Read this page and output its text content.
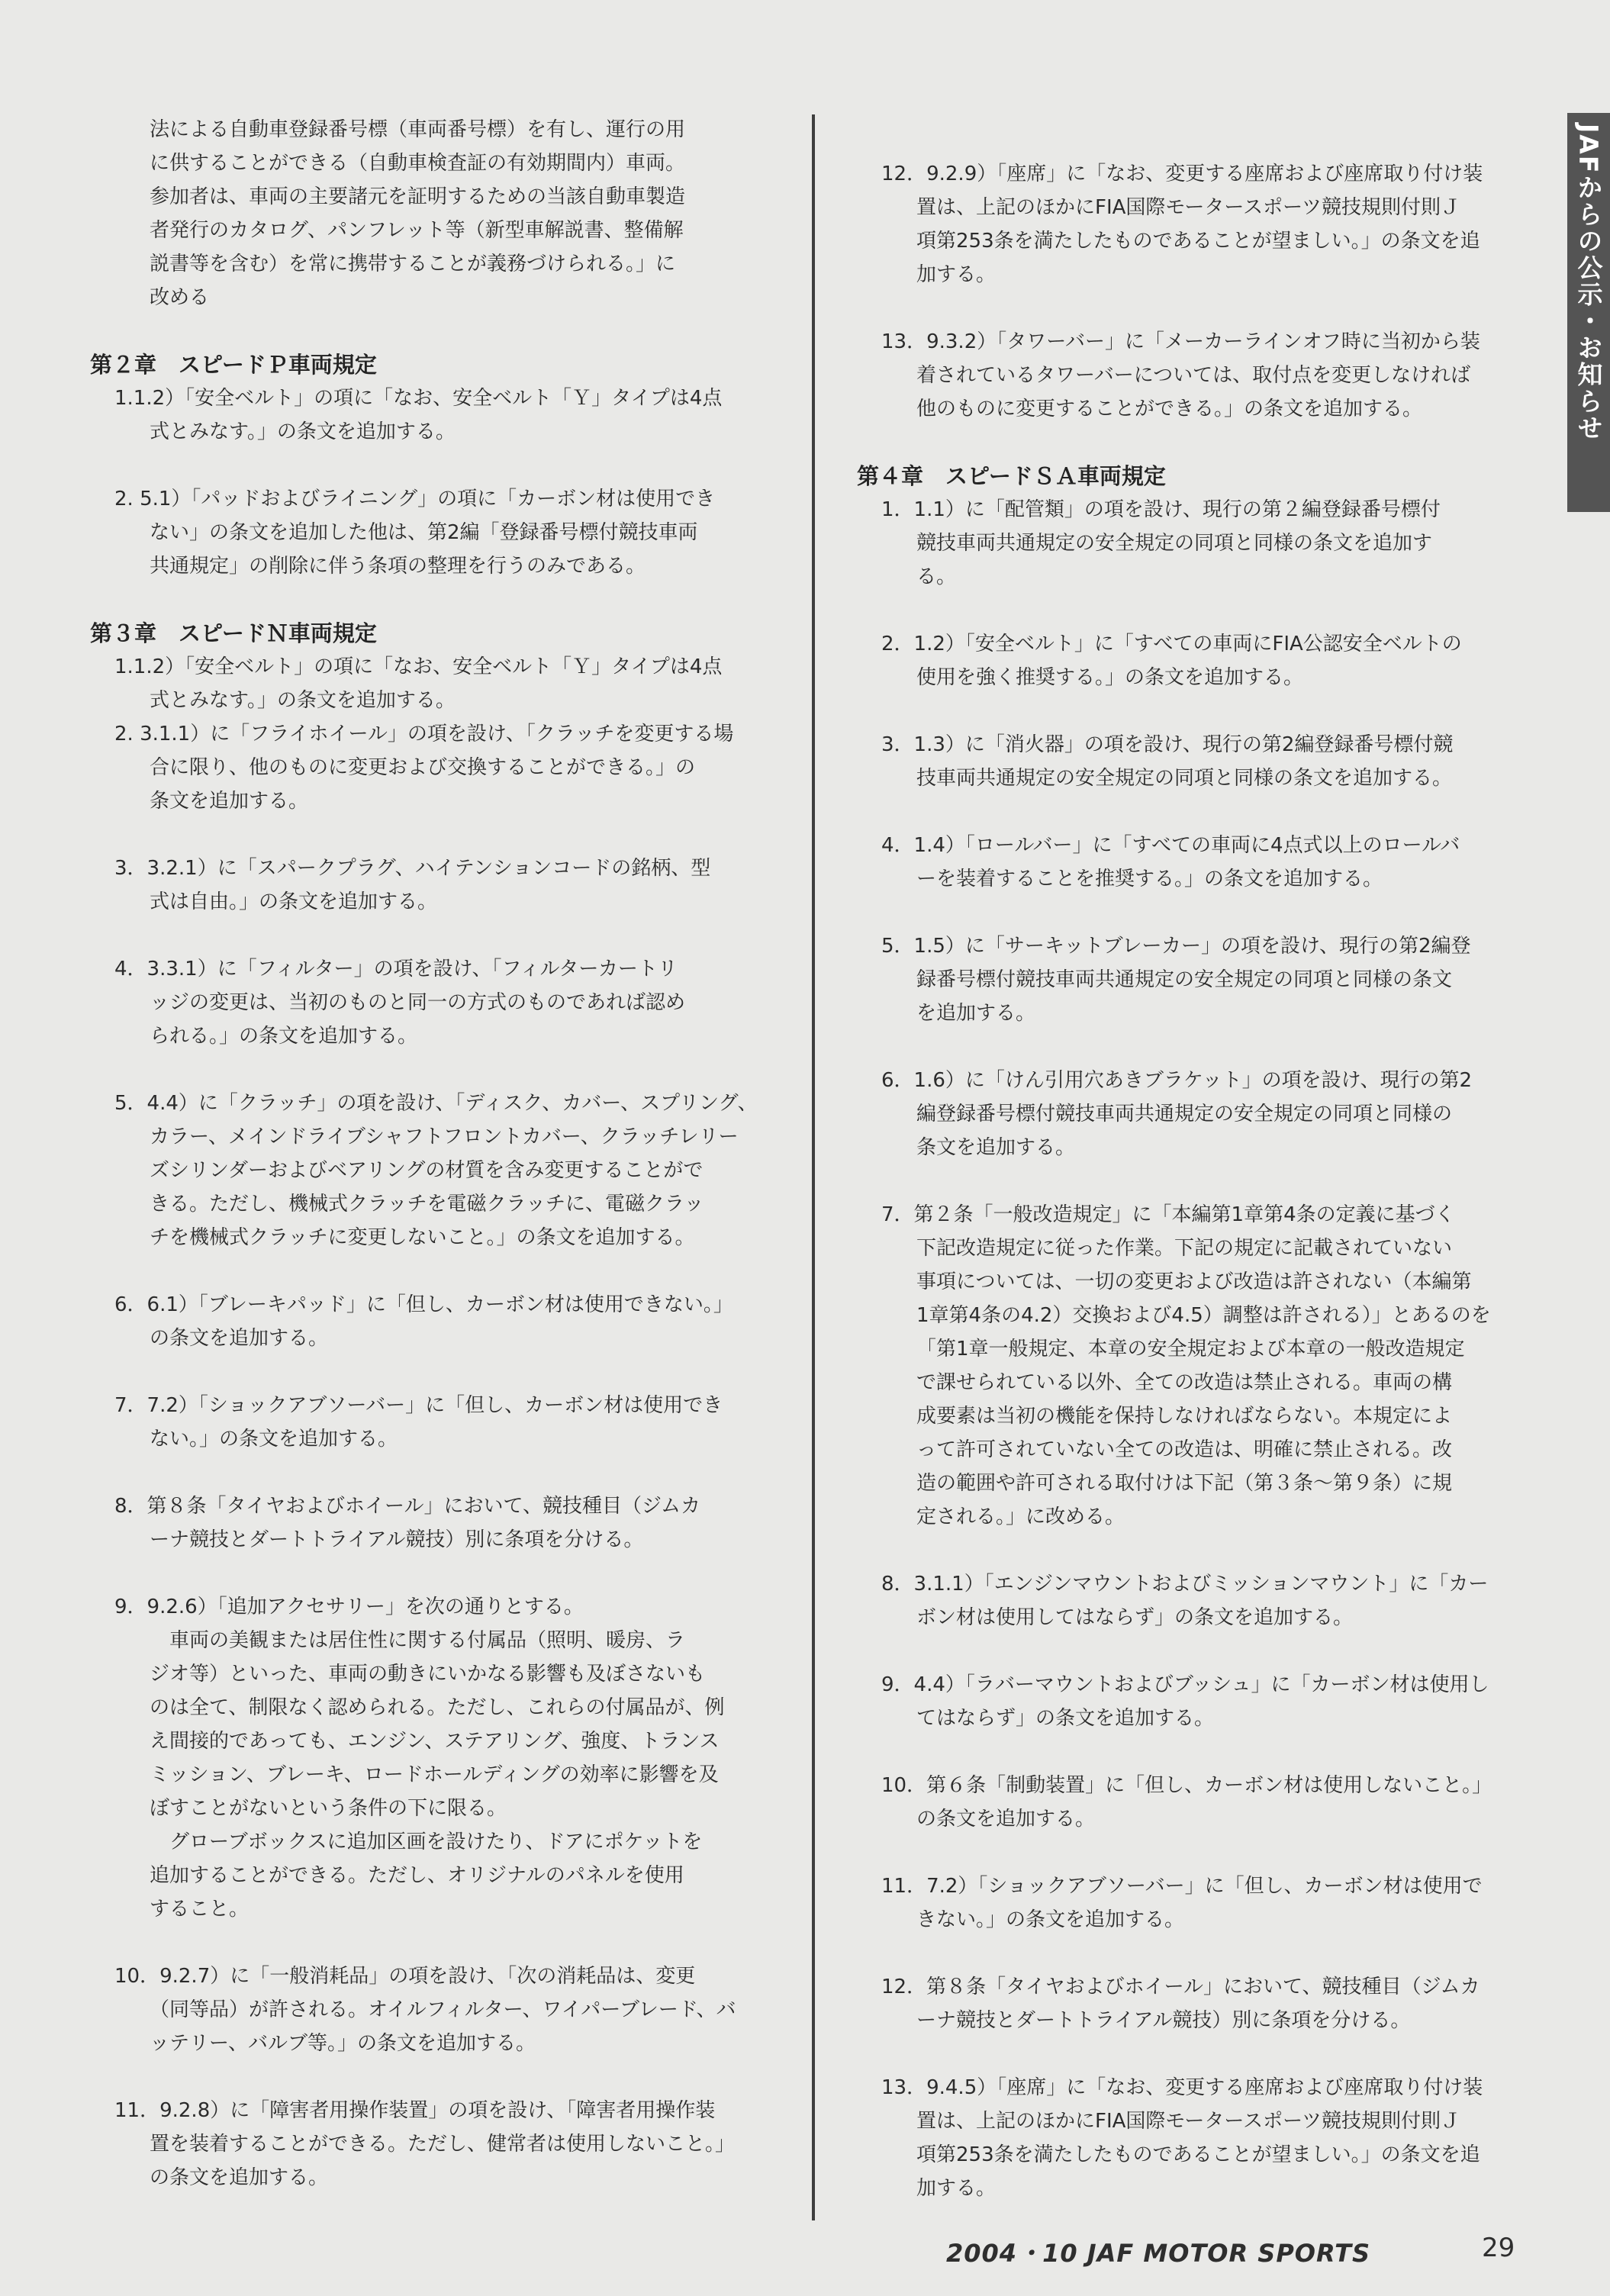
JAFからの公示・お知らせ

法による自動車登録番号標（車両番号標）を有し、運行の用

に供することができる（自動車検査証の有効期間内）車両。

参加者は、車両の主要諸元を証明するための当該自動車製造

者発行のカタログ、パンフレット等（新型車解説書、整備解

説書等を含む）を常に携帯することが義務づけられる。」に

改める

第２章　スピードＰ車両規定

1.1.2）「安全ベルト」の項に「なお、安全ベルト「Ｙ」タイプは4点

式とみなす。」の条文を追加する。

2. 5.1）「パッドおよびライニング」の項に「カーボン材は使用でき

ない」の条文を追加した他は、第2編「登録番号標付競技車両

共通規定」の削除に伴う条項の整理を行うのみである。

第３章　スピードＮ車両規定

1.1.2）「安全ベルト」の項に「なお、安全ベルト「Ｙ」タイプは4点

式とみなす。」の条文を追加する。

2. 3.1.1）に「フライホイール」の項を設け、「クラッチを変更する場

合に限り、他のものに変更および交換することができる。」の

条文を追加する。

3．3.2.1）に「スパークプラグ、ハイテンションコードの銘柄、型

式は自由。」の条文を追加する。

4．3.3.1）に「フィルター」の項を設け、「フィルターカートリ

ッジの変更は、当初のものと同一の方式のものであれば認め

られる。」の条文を追加する。

5．4.4）に「クラッチ」の項を設け、「ディスク、カバー、スプリング、

カラー、メインドライブシャフトフロントカバー、クラッチレリー

ズシリンダーおよびベアリングの材質を含み変更することがで

きる。ただし、機械式クラッチを電磁クラッチに、電磁クラッ

チを機械式クラッチに変更しないこと。」の条文を追加する。

6．6.1）「ブレーキパッド」に「但し、カーボン材は使用できない。」

の条文を追加する。

7．7.2）「ショックアブソーバー」に「但し、カーボン材は使用でき

ない。」の条文を追加する。

8．第８条「タイヤおよびホイール」において、競技種目（ジムカ

ーナ競技とダートトライアル競技）別に条項を分ける。

9．9.2.6）「追加アクセサリー」を次の通りとする。

　車両の美観または居住性に関する付属品（照明、暖房、ラ

ジオ等）といった、車両の動きにいかなる影響も及ぼさないも

のは全て、制限なく認められる。ただし、これらの付属品が、例

え間接的であっても、エンジン、ステアリング、強度、トランス

ミッション、ブレーキ、ロードホールディングの効率に影響を及

ぼすことがないという条件の下に限る。

　グローブボックスに追加区画を設けたり、ドアにポケットを

追加することができる。ただし、オリジナルのパネルを使用

すること。

10．9.2.7）に「一般消耗品」の項を設け、「次の消耗品は、変更

（同等品）が許される。オイルフィルター、ワイパーブレード、バ

ッテリー、バルブ等。」の条文を追加する。

11．9.2.8）に「障害者用操作装置」の項を設け、「障害者用操作装

置を装着することができる。ただし、健常者は使用しないこと。」

の条文を追加する。

12．9.2.9）「座席」に「なお、変更する座席および座席取り付け装

置は、上記のほかにFIA国際モータースポーツ競技規則付則Ｊ

項第253条を満たしたものであることが望ましい。」の条文を追

加する。

13．9.3.2）「タワーバー」に「メーカーラインオフ時に当初から装

着されているタワーバーについては、取付点を変更しなければ

他のものに変更することができる。」の条文を追加する。

第４章　スピードＳＡ車両規定

1．1.1）に「配管類」の項を設け、現行の第２編登録番号標付

競技車両共通規定の安全規定の同項と同様の条文を追加す

る。

2．1.2）「安全ベルト」に「すべての車両にFIA公認安全ベルトの

使用を強く推奨する。」の条文を追加する。

3．1.3）に「消火器」の項を設け、現行の第2編登録番号標付競

技車両共通規定の安全規定の同項と同様の条文を追加する。

4．1.4）「ロールバー」に「すべての車両に4点式以上のロールバ

ーを装着することを推奨する。」の条文を追加する。

5．1.5）に「サーキットブレーカー」の項を設け、現行の第2編登

録番号標付競技車両共通規定の安全規定の同項と同様の条文

を追加する。

6．1.6）に「けん引用穴あきブラケット」の項を設け、現行の第2

編登録番号標付競技車両共通規定の安全規定の同項と同様の

条文を追加する。

7．第２条「一般改造規定」に「本編第1章第4条の定義に基づく

下記改造規定に従った作業。下記の規定に記載されていない

事項については、一切の変更および改造は許されない（本編第

1章第4条の4.2）交換および4.5）調整は許される）」とあるのを

「第1章一般規定、本章の安全規定および本章の一般改造規定

で課せられている以外、全ての改造は禁止される。車両の構

成要素は当初の機能を保持しなければならない。本規定によ

って許可されていない全ての改造は、明確に禁止される。改

造の範囲や許可される取付けは下記（第３条～第９条）に規

定される。」に改める。

8．3.1.1）「エンジンマウントおよびミッションマウント」に「カー

ボン材は使用してはならず」の条文を追加する。

9．4.4）「ラバーマウントおよびブッシュ」に「カーボン材は使用し

てはならず」の条文を追加する。

10．第６条「制動装置」に「但し、カーボン材は使用しないこと。」

の条文を追加する。

11．7.2）「ショックアブソーバー」に「但し、カーボン材は使用で

きない。」の条文を追加する。

12．第８条「タイヤおよびホイール」において、競技種目（ジムカ

ーナ競技とダートトライアル競技）別に条項を分ける。

13．9.4.5）「座席」に「なお、変更する座席および座席取り付け装

置は、上記のほかにFIA国際モータースポーツ競技規則付則Ｊ

項第253条を満たしたものであることが望ましい。」の条文を追

加する。

2004・10 JAF MOTOR SPORTS	29
